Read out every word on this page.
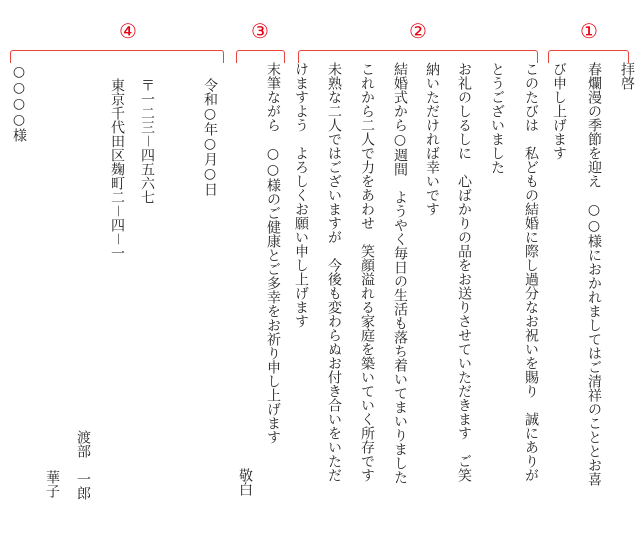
①
②
③
④
拝啓
春爛漫の季節を迎え　○○様におかれましてはご清祥のこととお喜
び申し上げます
このたびは　私どもの結婚に際し過分なお祝いを賜り　誠にありが
とうございました
お礼のしるしに　心ばかりの品をお送りさせていただきます　ご笑
納いただければ幸いです
結婚式から○週間　ようやく毎日の生活も落ち着いてまいりました
これから二人で力をあわせ　笑顔溢れる家庭を築いていく所存です
未熟な二人ではございますが　今後も変わらぬお付き合いをいただ
けますよう　よろしくお願い申し上げます
末筆ながら　○○様のご健康とご多幸をお祈り申し上げます
敬白
令和○年○月○日
〒一二三－四五六七
東京千代田区麹町二－四－一
渡部　一郎
華子
○○○○様
